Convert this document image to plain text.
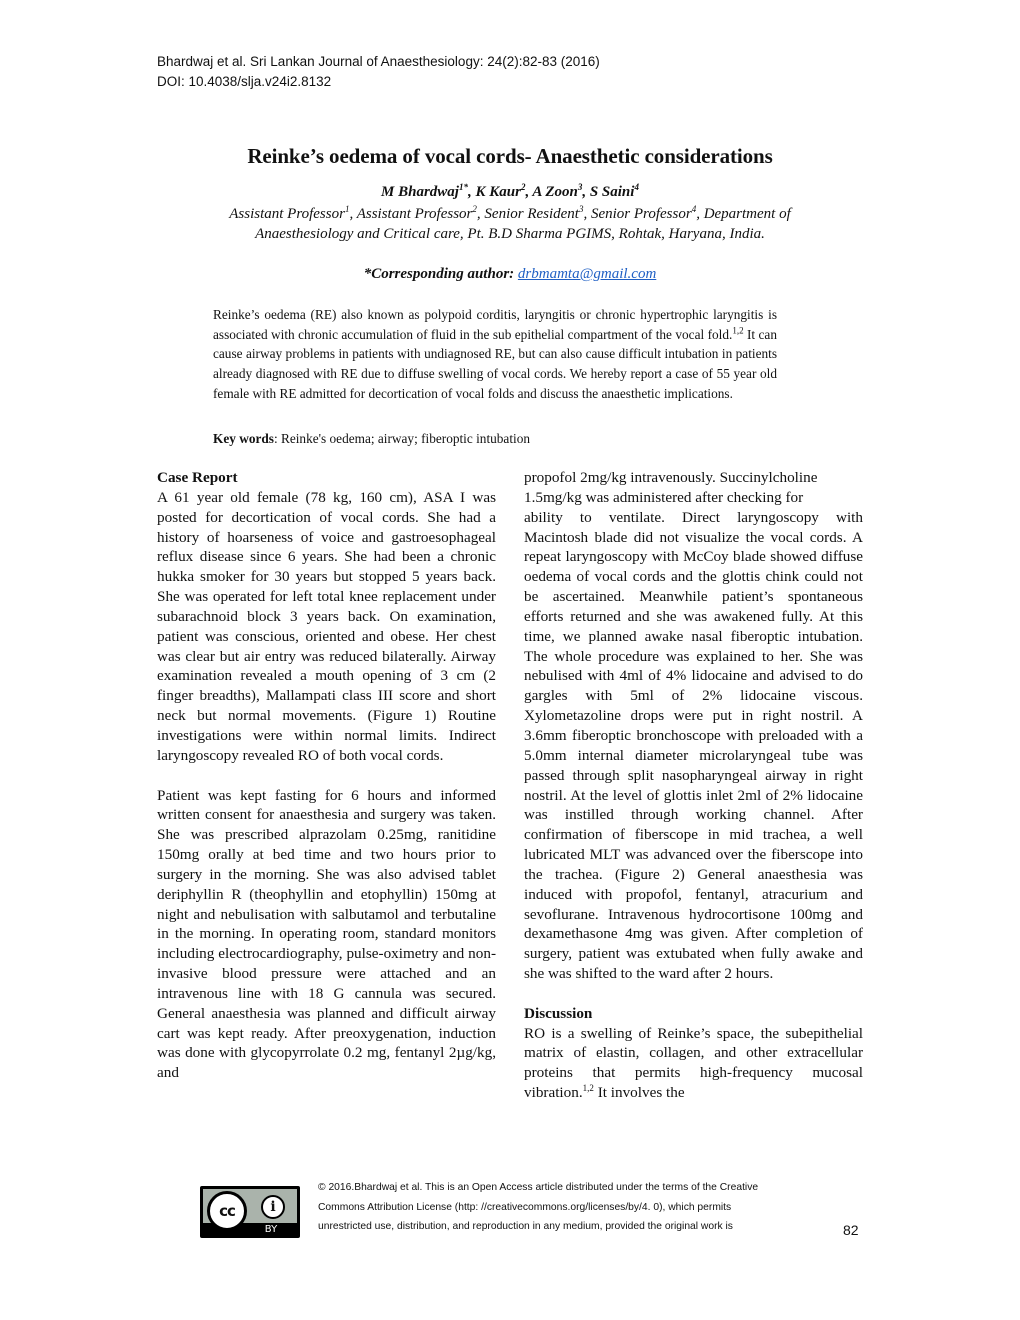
Bhardwaj et al. Sri Lankan Journal of Anaesthesiology: 24(2):82-83 (2016)
DOI: 10.4038/slja.v24i2.8132
Reinke’s oedema of vocal cords- Anaesthetic considerations
M Bhardwaj$^{1*}$, K Kaur$^2$, A Zoon$^3$, S Saini$^4$
Assistant Professor$^1$, Assistant Professor$^2$, Senior Resident$^3$, Senior Professor$^4$, Department of
Anaesthesiology and Critical care, Pt. B.D Sharma PGIMS, Rohtak, Haryana, India.
*Corresponding author: drbmamta@gmail.com
Reinke’s oedema (RE) also known as polypoid corditis, laryngitis or chronic hypertrophic laryngitis is associated with chronic accumulation of fluid in the sub epithelial compartment of the vocal fold.$^{1,2}$ It can cause airway problems in patients with undiagnosed RE, but can also cause difficult intubation in patients already diagnosed with RE due to diffuse swelling of vocal cords. We hereby report a case of 55 year old female with RE admitted for decortication of vocal folds and discuss the anaesthetic implications.
Key words: Reinke's oedema; airway; fiberoptic intubation

Case Report

A 61 year old female (78 kg, 160 cm), ASA I was posted for decortication of vocal cords. She had a history of hoarseness of voice and gastroesophageal reflux disease since 6 years. She had been a chronic hukka smoker for 30 years but stopped 5 years back. She was operated for left total knee replacement under subarachnoid block 3 years back. On examination, patient was conscious, oriented and obese. Her chest was clear but air entry was reduced bilaterally. Airway examination revealed a mouth opening of 3 cm (2 finger breadths), Mallampati class III score and short neck but normal movements. (Figure 1) Routine investigations were within normal limits. Indirect laryngoscopy revealed RO of both vocal cords.

Patient was kept fasting for 6 hours and informed written consent for anaesthesia and surgery was taken. She was prescribed alprazolam 0.25mg, ranitidine 150mg orally at bed time and two hours prior to surgery in the morning. She was also advised tablet deriphyllin R (theophyllin and etophyllin) 150mg at night and nebulisation with salbutamol and terbutaline in the morning. In operating room, standard monitors including electrocardiography, pulse-oximetry and non-invasive blood pressure were attached and an intravenous line with 18 G cannula was secured. General anaesthesia was planned and difficult airway cart was kept ready. After preoxygenation, induction was done with glycopyrrolate 0.2 mg, fentanyl 2µg/kg, and

propofol 2mg/kg intravenously. Succinylcholine

1.5mg/kg was administered after checking for

ability to ventilate. Direct laryngoscopy with Macintosh blade did not visualize the vocal cords. A repeat laryngoscopy with McCoy blade showed diffuse oedema of vocal cords and the glottis chink could not be ascertained. Meanwhile patient’s spontaneous efforts returned and she was awakened fully. At this time, we planned awake nasal fiberoptic intubation. The whole procedure was explained to her. She was nebulised with 4ml of 4% lidocaine and advised to do gargles with 5ml of 2% lidocaine viscous. Xylometazoline drops were put in right nostril. A 3.6mm fiberoptic bronchoscope with preloaded with a 5.0mm internal diameter microlaryngeal tube was passed through split nasopharyngeal airway in right nostril. At the level of glottis inlet 2ml of 2% lidocaine was instilled through working channel. After confirmation of fiberscope in mid trachea, a well lubricated MLT was advanced over the fiberscope into the trachea. (Figure 2) General anaesthesia was induced with propofol, fentanyl, atracurium and sevoflurane. Intravenous hydrocortisone 100mg and dexamethasone 4mg was given. After completion of surgery, patient was extubated when fully awake and she was shifted to the ward after 2 hours.

Discussion

RO is a swelling of Reinke’s space, the subepithelial matrix of elastin, collagen, and other extracellular proteins that permits high-frequency mucosal vibration.$^{1,2}$ It involves the

cc	i
BY
© 2016.Bhardwaj et al. This is an Open Access article distributed under the terms of the Creative
Commons Attribution License (http: //creativecommons.org/licenses/by/4. 0), which permits
unrestricted use, distribution, and reproduction in any medium, provided the original work is	82
